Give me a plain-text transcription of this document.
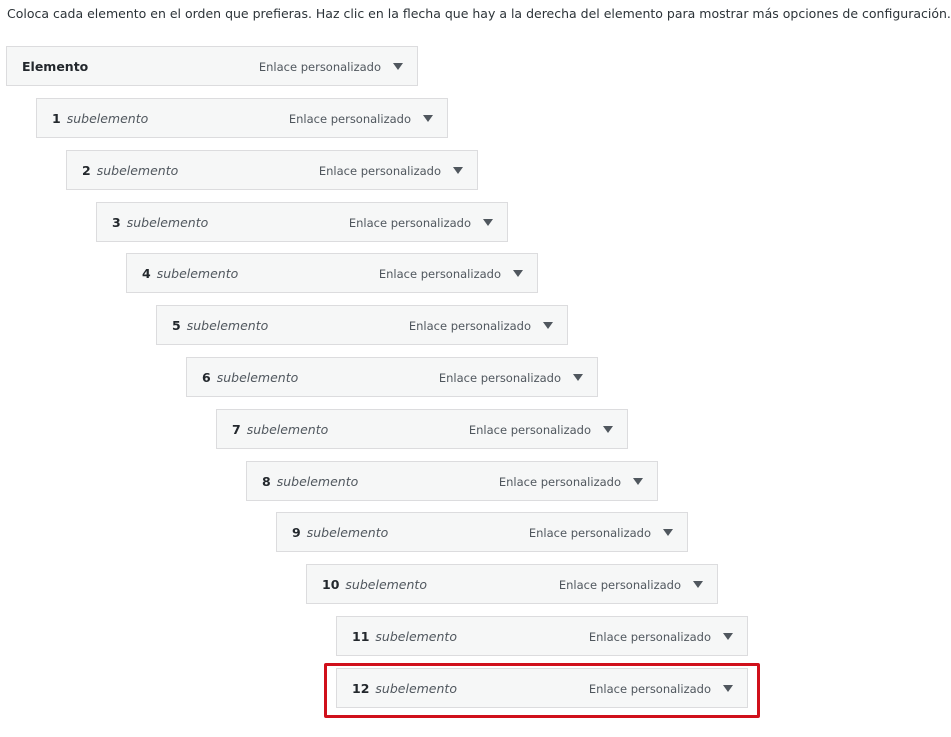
Coloca cada elemento en el orden que prefieras. Haz clic en la flecha que hay a la derecha del elemento para mostrar más opciones de configuración.
Elemento	Enlace personalizado
1 subelemento	Enlace personalizado
2 subelemento	Enlace personalizado
3 subelemento	Enlace personalizado
4 subelemento	Enlace personalizado
5 subelemento	Enlace personalizado
6 subelemento	Enlace personalizado
7 subelemento	Enlace personalizado
8 subelemento	Enlace personalizado
9 subelemento	Enlace personalizado
10 subelemento	Enlace personalizado
11 subelemento	Enlace personalizado
12 subelemento	Enlace personalizado
